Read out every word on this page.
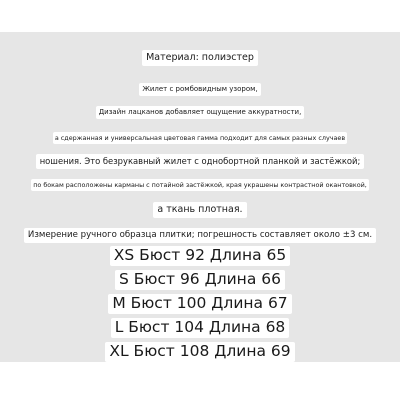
Материал: полиэстер
Жилет с ромбовидным узором,
Дизайн лацканов добавляет ощущение аккуратности,
а сдержанная и универсальная цветовая гамма подходит для самых разных случаев
ношения. Это безрукавный жилет с однобортной планкой и застёжкой;
по бокам расположены карманы с потайной застёжкой, края украшены контрастной окантовкой,
а ткань плотная.
Измерение ручного образца плитки; погрешность составляет около ±3 см.
XS Бюст 92 Длина 65
S Бюст 96 Длина 66
M Бюст 100 Длина 67
L Бюст 104 Длина 68
XL Бюст 108 Длина 69
